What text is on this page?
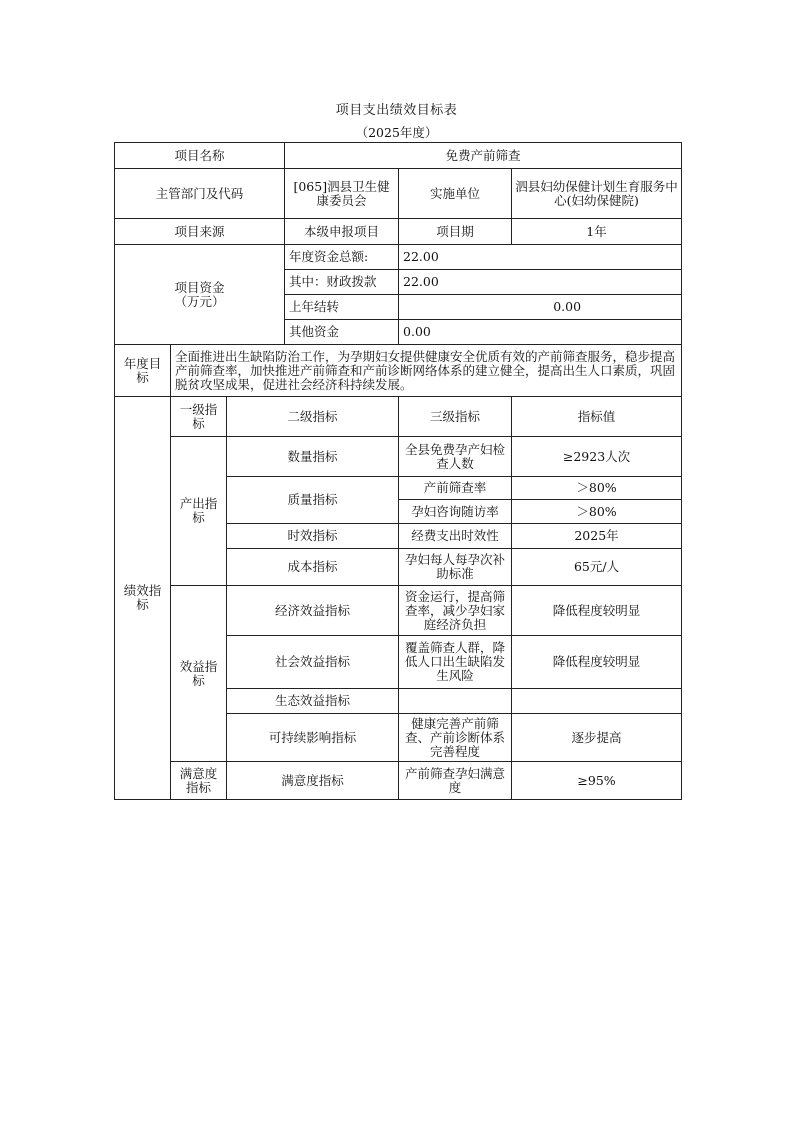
项目支出绩效目标表
（2025年度）
项目名称			免费产前筛查		
主管部门及代码			[065]泗县卫生健康委员会	实施单位	泗县妇幼保健计划生育服务中心(妇幼保健院)
项目来源			本级申报项目	项目期	1年

项目资金
（万元）			年度资金总额:	22.00	
			其中：财政拨款	22.00	
			上年结转	0.00	
			其他资金	0.00	
年度目标	全面推进出生缺陷防治工作，为孕期妇女提供健康安全优质有效的产前筛查服务，稳步提高产前筛查率，加快推进产前筛查和产前诊断网络体系的建立健全，提高出生人口素质，巩固脱贫攻坚成果，促进社会经济科持续发展。				
绩效指标	一级指标	二级指标		三级指标	指标值
	产出指标	数量指标		全县免费孕产妇检查人数	≥2923人次
		质量指标		产前筛查率	＞80%
				孕妇咨询随访率	＞80%
		时效指标		经费支出时效性	2025年
		成本指标		孕妇每人每孕次补助标准	65元/人
	效益指标	经济效益指标		资金运行，提高筛查率，减少孕妇家庭经济负担	降低程度较明显
		社会效益指标		覆盖筛查人群，降低人口出生缺陷发生风险	降低程度较明显
		生态效益指标			
		可持续影响指标		健康完善产前筛查、产前诊断体系完善程度	逐步提高
	满意度指标	满意度指标		产前筛查孕妇满意度	≥95%
